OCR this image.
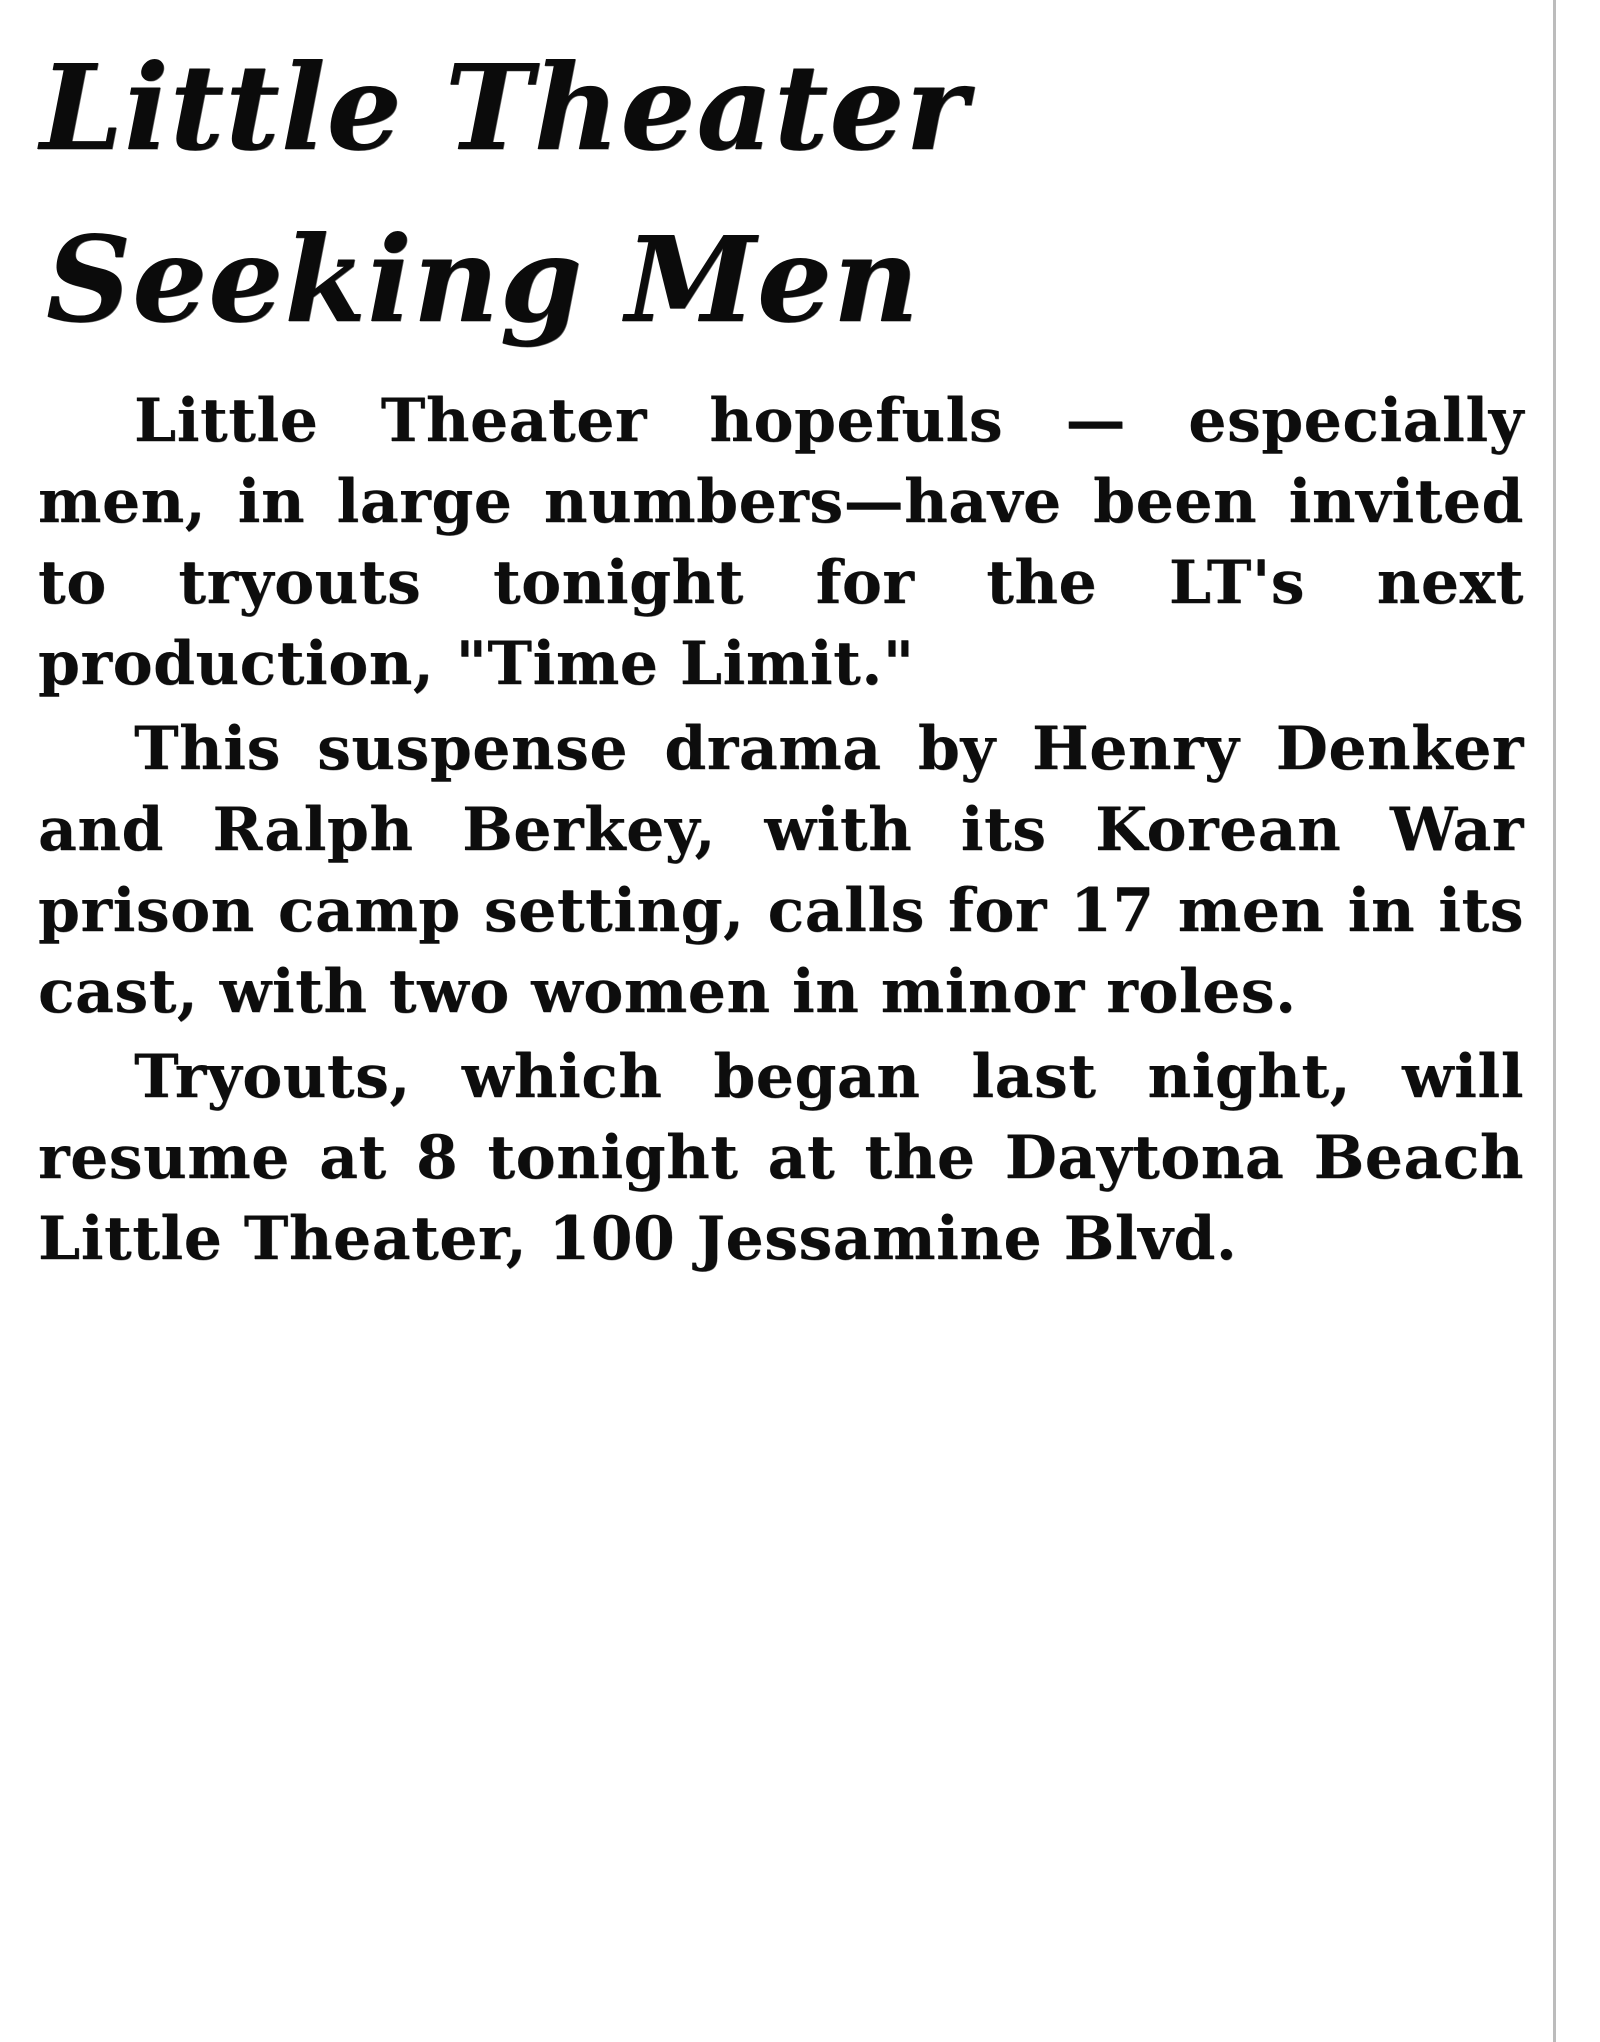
Little Theater
Seeking Men

Little Theater hopefuls — especially men, in large numbers—have been invited to tryouts tonight for the LT's next production, "Time Limit."

This suspense drama by Henry Denker and Ralph Berkey, with its Korean War prison camp setting, calls for 17 men in its cast, with two women in minor roles.

Tryouts, which began last night, will resume at 8 tonight at the Daytona Beach Little Theater, 100 Jessamine Blvd.
